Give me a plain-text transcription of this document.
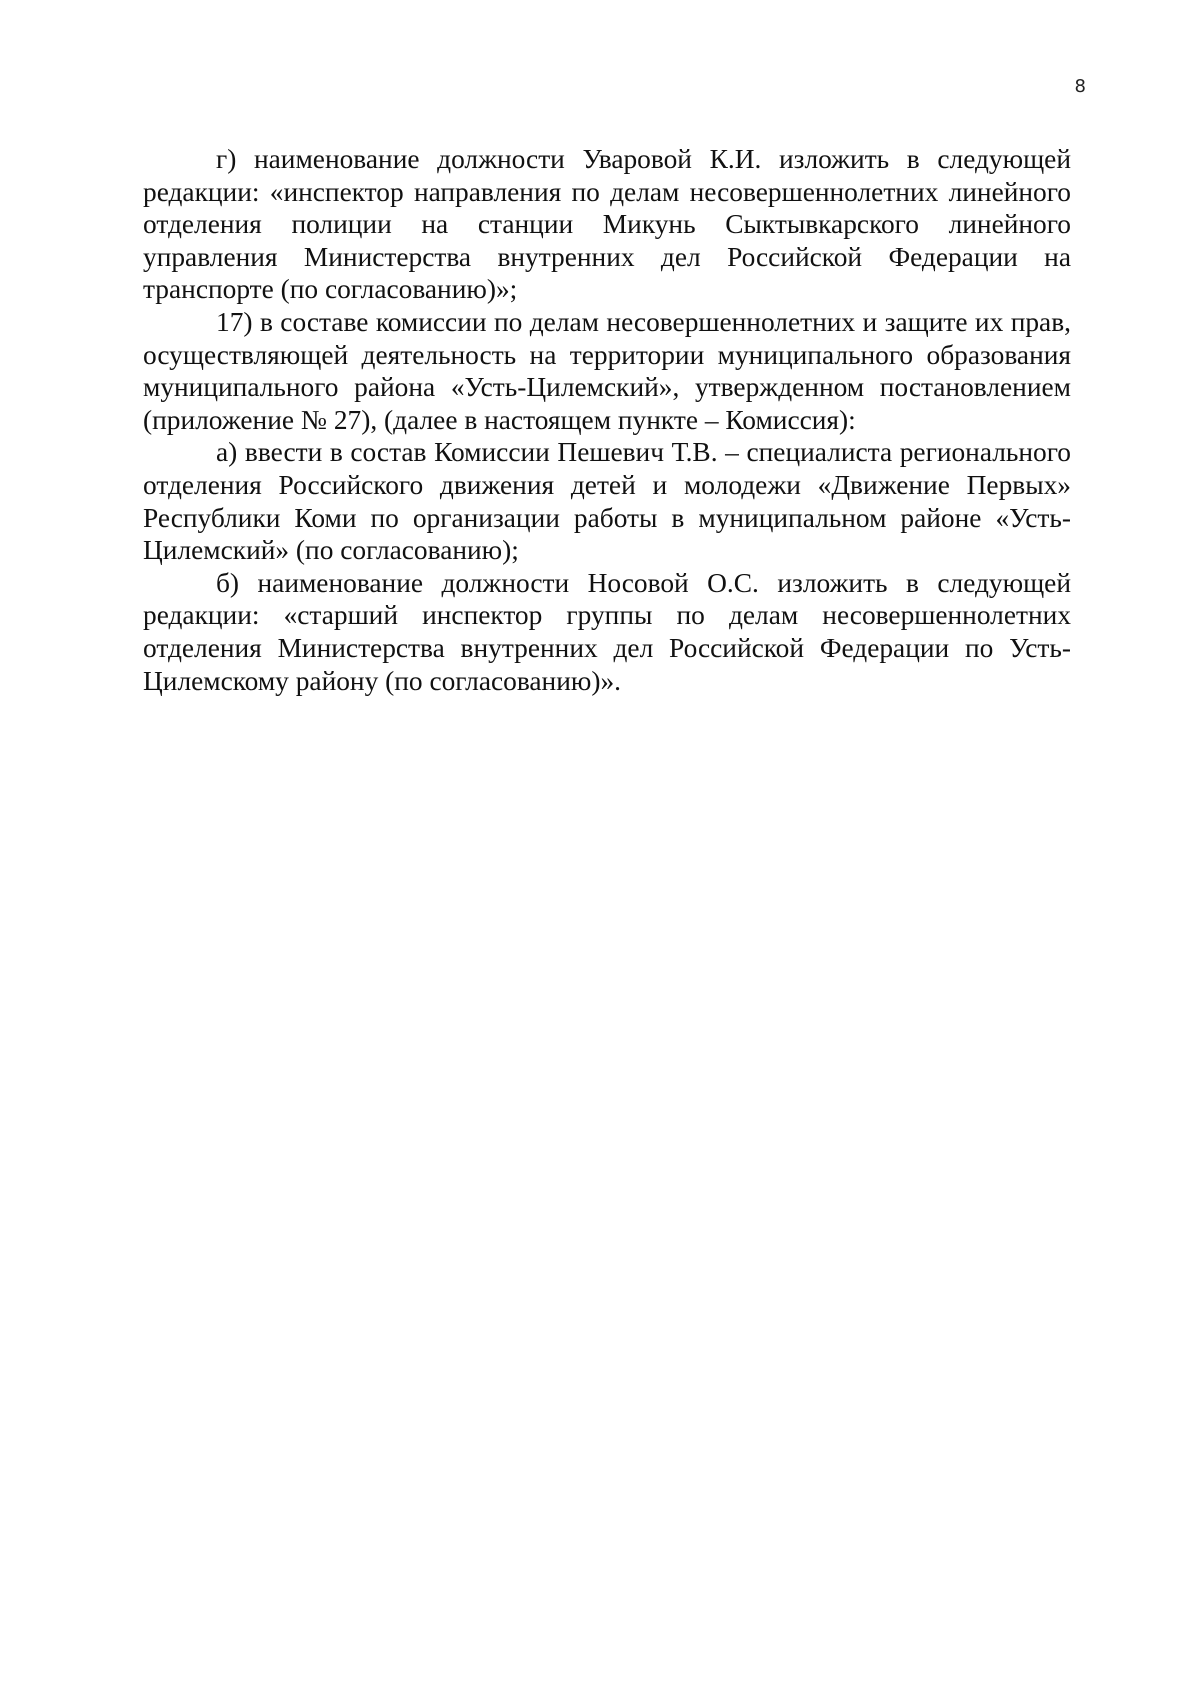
8

г) наименование должности Уваровой К.И. изложить в следующей редакции: «инспектор направления по делам несовершеннолетних линейного отделения полиции на станции Микунь Сыктывкарского линейного управления Министерства внутренних дел Российской Федерации на транспорте (по согласованию)»;

17) в составе комиссии по делам несовершеннолетних и защите их прав, осуществляющей деятельность на территории муниципального образования муниципального района «Усть-Цилемский», утвержденном постановлением (приложение № 27), (далее в настоящем пункте – Комиссия):

а) ввести в состав Комиссии Пешевич Т.В. – специалиста регионального отделения Российского движения детей и молодежи «Движение Первых» Республики Коми по организации работы в муниципальном районе «Усть-Цилемский» (по согласованию);

б) наименование должности Носовой О.С. изложить в следующей редакции: «старший инспектор группы по делам несовершеннолетних отделения Министерства внутренних дел Российской Федерации по Усть-Цилемскому району (по согласованию)».
